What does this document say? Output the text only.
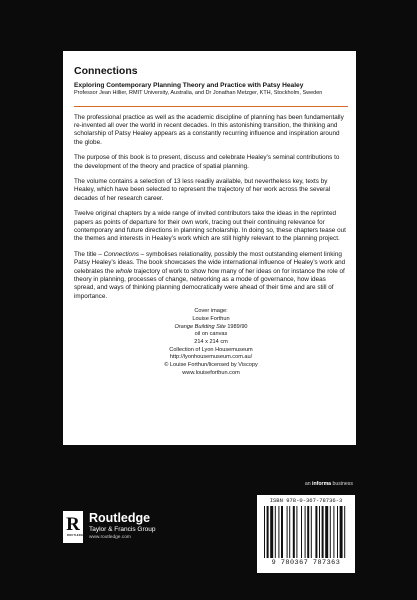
Connections

Exploring Contemporary Planning Theory and Practice with Patsy Healey

Professor Jean Hillier, RMIT University, Australia, and Dr Jonathan Metzger, KTH, Stockholm, Sweden

The professional practice as well as the academic discipline of planning has been fundamentally re-invented all over the world in recent decades. In this astonishing transition, the thinking and scholarship of Patsy Healey appears as a constantly recurring influence and inspiration around the globe.

The purpose of this book is to present, discuss and celebrate Healey’s seminal contributions to the development of the theory and practice of spatial planning.

The volume contains a selection of 13 less readily available, but nevertheless key, texts by Healey, which have been selected to represent the trajectory of her work across the several decades of her research career.

Twelve original chapters by a wide range of invited contributors take the ideas in the reprinted papers as points of departure for their own work, tracing out their continuing relevance for contemporary and future directions in planning scholarship. In doing so, these chapters tease out the themes and interests in Healey’s work which are still highly relevant to the planning project.

The title – Connections – symbolises relationality, possibly the most outstanding element linking Patsy Healey’s ideas. The book showcases the wide international influence of Healey’s work and celebrates the whole trajectory of work to show how many of her ideas on for instance the role of theory in planning, processes of change, networking as a mode of governance, how ideas spread, and ways of thinking planning democratically were ahead of their time and are still of importance.

Cover image:
Louise Forthun
Orange Building Site 1989/90
oil on canvas
214 x 214 cm
Collection of Lyon Housemuseum
http://lyonhousemuseum.com.au/
© Louise Forthun/licensed by Viscopy
www.louiseforthun.com
an informa business
R
ROUTLEDGE
Routledge
Taylor & Francis Group
www.routledge.com
ISBN 978-0-367-78736-3
9 780367 787363
